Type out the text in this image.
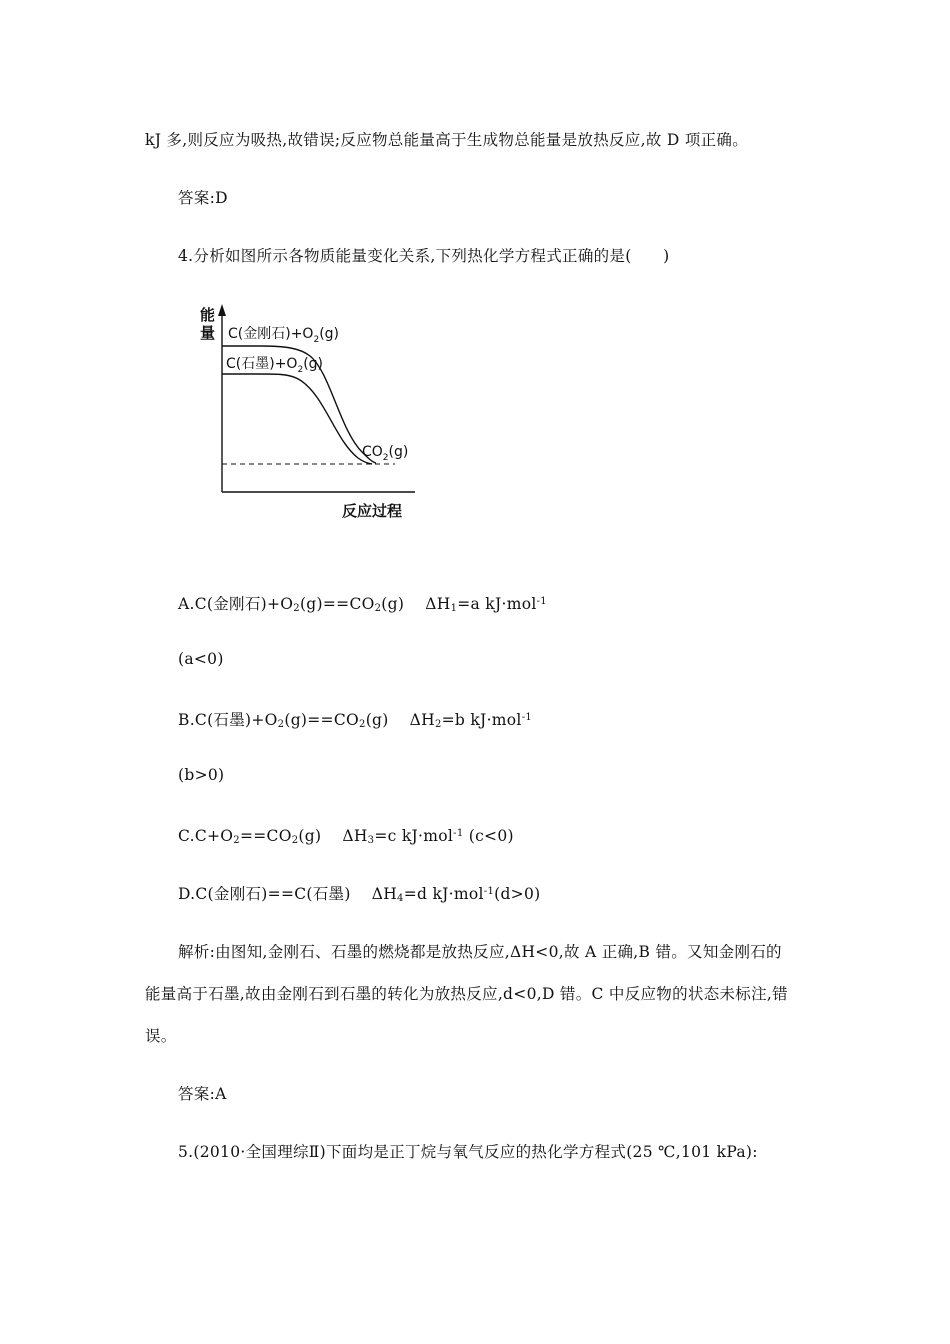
kJ 多,则反应为吸热,故错误;反应物总能量高于生成物总能量是放热反应,故 D 项正确。
答案:D
4.分析如图所示各物质能量变化关系,下列热化学方程式正确的是(　　)
能
量 C(金刚石)$+O_2(g)$
C(石墨)$+O_2(g)$
$CO_2(g)$
反应过程
A.C(金刚石)$+O_2(g)==CO_2(g)$　 $\Delta H_1=a$ kJ·mol$^{-1}$
(a<0)
B.C(石墨)$+O_2(g)==CO_2(g)$　 $\Delta H_2=b$ kJ·mol$^{-1}$
(b>0)
$C.C+O_2==CO_2(g)$　 $\Delta H_3=c$ kJ·mol$^{-1}$ (c<0)
D.C(金刚石)==C(石墨)　 $\Delta H_4=d$ kJ·mol$^{-1}$(d>0)
解析:由图知,金刚石、石墨的燃烧都是放热反应,ΔH<0,故 A 正确,B 错。又知金刚石的
能量高于石墨,故由金刚石到石墨的转化为放热反应,d<0,D 错。C 中反应物的状态未标注,错
误。
答案:A
5.(2010·全国理综Ⅱ)下面均是正丁烷与氧气反应的热化学方程式(25 ℃,101 kPa):
